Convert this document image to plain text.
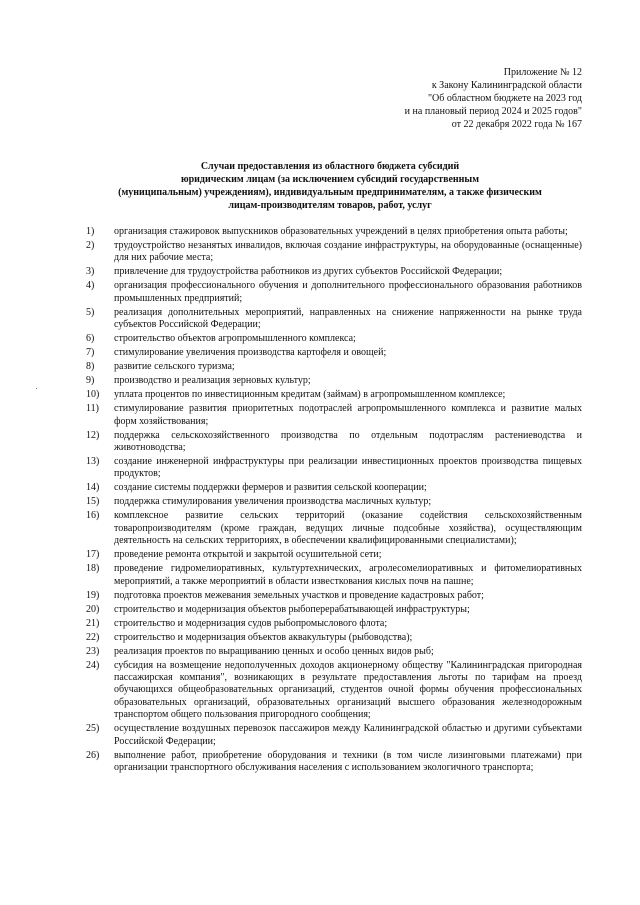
Приложение № 12
к Закону Калининградской области
"Об областном бюджете на 2023 год
и на плановый период 2024 и 2025 годов"
от 22 декабря 2022 года № 167
Случаи предоставления из областного бюджета субсидий
юридическим лицам (за исключением субсидий государственным
(муниципальным) учреждениям), индивидуальным предпринимателям, а также физическим
лицам-производителям товаров, работ, услуг
1)	организация стажировок выпускников образовательных учреждений в целях приобретения опыта работы;
2)	трудоустройство незанятых инвалидов, включая создание инфраструктуры, на оборудованные (оснащенные) для них рабочие места;
3)	привлечение для трудоустройства работников из других субъектов Российской Федерации;
4)	организация профессионального обучения и дополнительного профессионального образования работников промышленных предприятий;
5)	реализация дополнительных мероприятий, направленных на снижение напряженности на рынке труда субъектов Российской Федерации;
6)	строительство объектов агропромышленного комплекса;
7)	стимулирование увеличения производства картофеля и овощей;
8)	развитие сельского туризма;
9)	производство и реализация зерновых культур;
10)	уплата процентов по инвестиционным кредитам (займам) в агропромышленном комплексе;
11)	стимулирование развития приоритетных подотраслей агропромышленного комплекса и развитие малых форм хозяйствования;
12)	поддержка сельскохозяйственного производства по отдельным подотраслям растениеводства и животноводства;
13)	создание инженерной инфраструктуры при реализации инвестиционных проектов производства пищевых продуктов;
14)	создание системы поддержки фермеров и развития сельской кооперации;
15)	поддержка стимулирования увеличения производства масличных культур;
16)	комплексное развитие сельских территорий (оказание содействия сельскохозяйственным товаропроизводителям (кроме граждан, ведущих личные подсобные хозяйства), осуществляющим деятельность на сельских территориях, в обеспечении квалифицированными специалистами);
17)	проведение ремонта открытой и закрытой осушительной сети;
18)	проведение гидромелиоративных, культуртехнических, агролесомелиоративных и фитомелиоративных мероприятий, а также мероприятий в области известкования кислых почв на пашне;
19)	подготовка проектов межевания земельных участков и проведение кадастровых работ;
20)	строительство и модернизация объектов рыбоперерабатывающей инфраструктуры;
21)	строительство и модернизация судов рыбопромыслового флота;
22)	строительство и модернизация объектов аквакультуры (рыбоводства);
23)	реализация проектов по выращиванию ценных и особо ценных видов рыб;
24)	субсидия на возмещение недополученных доходов акционерному обществу "Калининградская пригородная пассажирская компания", возникающих в результате предоставления льготы по тарифам на проезд обучающихся общеобразовательных организаций, студентов очной формы обучения профессиональных образовательных организаций, образовательных организаций высшего образования железнодорожным транспортом общего пользования пригородного сообщения;
25)	осуществление воздушных перевозок пассажиров между Калининградской областью и другими субъектами Российской Федерации;
26)	выполнение работ, приобретение оборудования и техники (в том числе лизинговыми платежами) при организации транспортного обслуживания населения с использованием экологичного транспорта;
